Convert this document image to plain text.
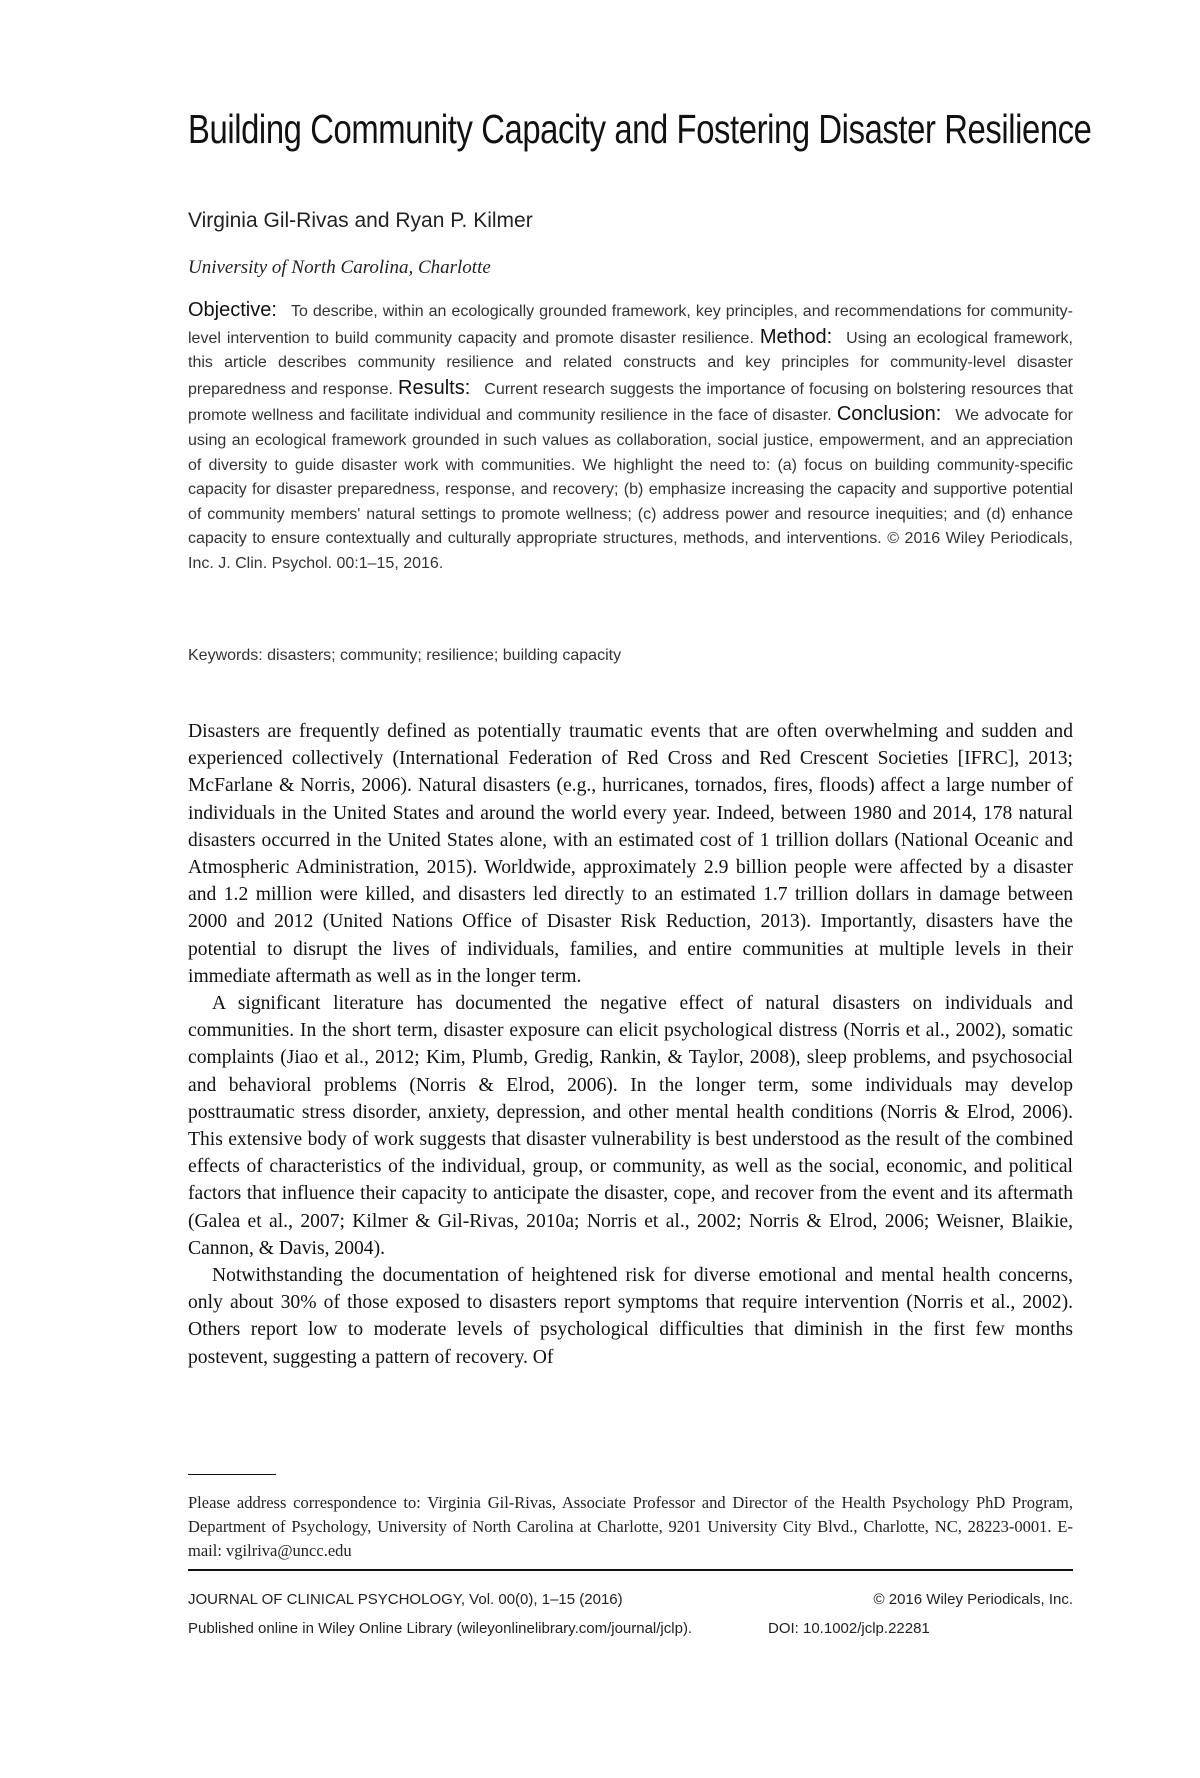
Building Community Capacity and Fostering Disaster Resilience
Virginia Gil-Rivas and Ryan P. Kilmer
University of North Carolina, Charlotte

Objective: To describe, within an ecologically grounded framework, key principles, and recommendations for community-level intervention to build community capacity and promote disaster resilience. Method: Using an ecological framework, this article describes community resilience and related constructs and key principles for community-level disaster preparedness and response. Results: Current research suggests the importance of focusing on bolstering resources that promote wellness and facilitate individual and community resilience in the face of disaster. Conclusion: We advocate for using an ecological framework grounded in such values as collaboration, social justice, empowerment, and an appreciation of diversity to guide disaster work with communities. We highlight the need to: (a) focus on building community-specific capacity for disaster preparedness, response, and recovery; (b) emphasize increasing the capacity and supportive potential of community members' natural settings to promote wellness; (c) address power and resource inequities; and (d) enhance capacity to ensure contextually and culturally appropriate structures, methods, and interventions. © 2016 Wiley Periodicals, Inc. J. Clin. Psychol. 00:1–15, 2016.

Keywords: disasters; community; resilience; building capacity

Disasters are frequently defined as potentially traumatic events that are often overwhelming and sudden and experienced collectively (International Federation of Red Cross and Red Crescent Societies [IFRC], 2013; McFarlane & Norris, 2006). Natural disasters (e.g., hurricanes, tornados, fires, floods) affect a large number of individuals in the United States and around the world every year. Indeed, between 1980 and 2014, 178 natural disasters occurred in the United States alone, with an estimated cost of 1 trillion dollars (National Oceanic and Atmospheric Administration, 2015). Worldwide, approximately 2.9 billion people were affected by a disaster and 1.2 million were killed, and disasters led directly to an estimated 1.7 trillion dollars in damage between 2000 and 2012 (United Nations Office of Disaster Risk Reduction, 2013). Importantly, disasters have the potential to disrupt the lives of individuals, families, and entire communities at multiple levels in their immediate aftermath as well as in the longer term.

A significant literature has documented the negative effect of natural disasters on individuals and communities. In the short term, disaster exposure can elicit psychological distress (Norris et al., 2002), somatic complaints (Jiao et al., 2012; Kim, Plumb, Gredig, Rankin, & Taylor, 2008), sleep problems, and psychosocial and behavioral problems (Norris & Elrod, 2006). In the longer term, some individuals may develop posttraumatic stress disorder, anxiety, depression, and other mental health conditions (Norris & Elrod, 2006). This extensive body of work suggests that disaster vulnerability is best understood as the result of the combined effects of characteristics of the individual, group, or community, as well as the social, economic, and political factors that influence their capacity to anticipate the disaster, cope, and recover from the event and its aftermath (Galea et al., 2007; Kilmer & Gil-Rivas, 2010a; Norris et al., 2002; Norris & Elrod, 2006; Weisner, Blaikie, Cannon, & Davis, 2004).

Notwithstanding the documentation of heightened risk for diverse emotional and mental health concerns, only about 30% of those exposed to disasters report symptoms that require intervention (Norris et al., 2002). Others report low to moderate levels of psychological difficulties that diminish in the first few months postevent, suggesting a pattern of recovery. Of

Please address correspondence to: Virginia Gil-Rivas, Associate Professor and Director of the Health Psychology PhD Program, Department of Psychology, University of North Carolina at Charlotte, 9201 University City Blvd., Charlotte, NC, 28223-0001. E-mail: vgilriva@uncc.edu

JOURNAL OF CLINICAL PSYCHOLOGY, Vol. 00(0), 1–15 (2016)	© 2016 Wiley Periodicals, Inc.
Published online in Wiley Online Library (wileyonlinelibrary.com/journal/jclp).	DOI: 10.1002/jclp.22281
